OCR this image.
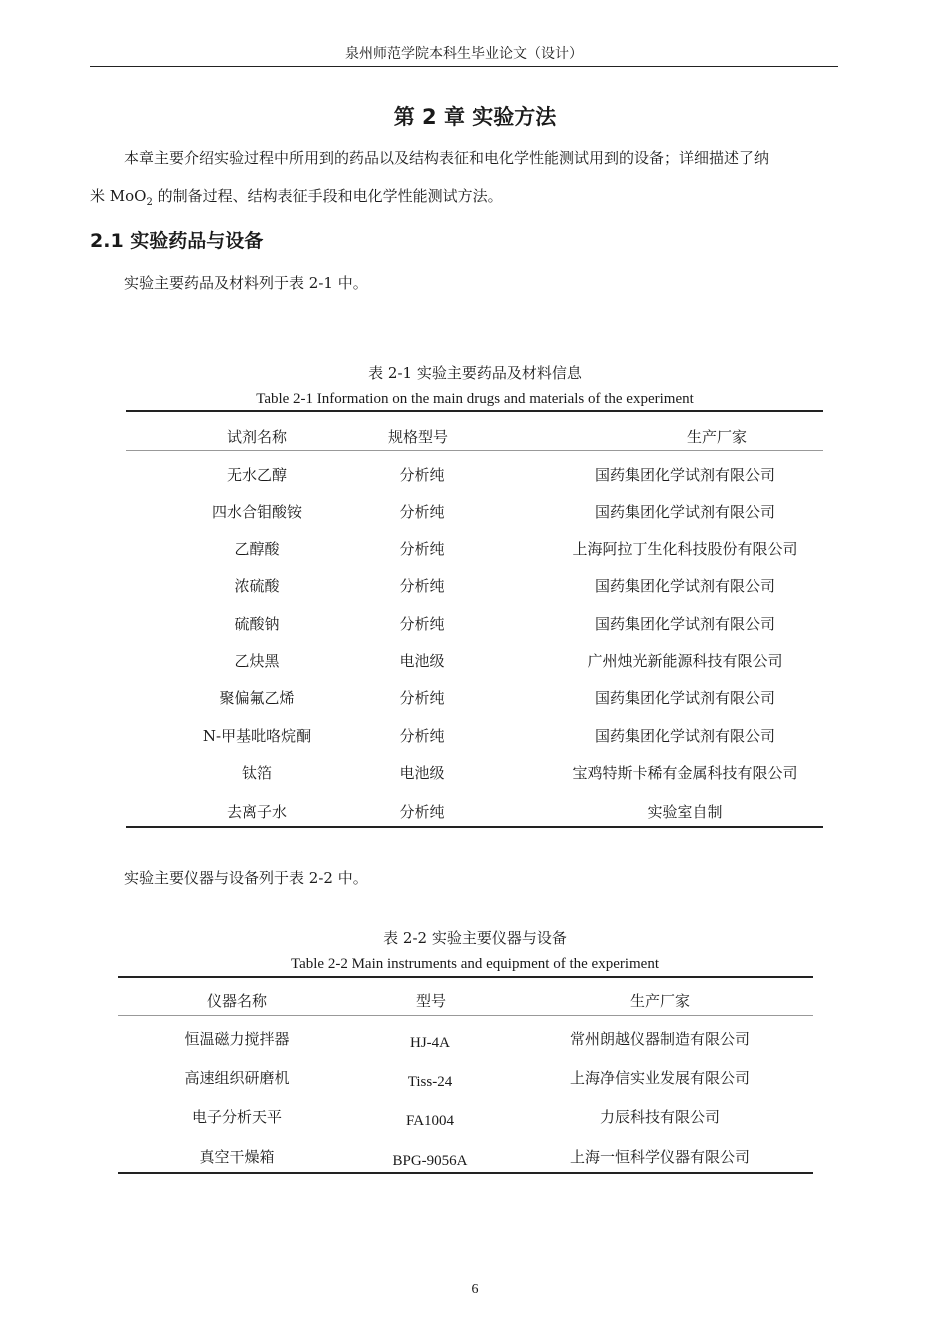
泉州师范学院本科生毕业论文（设计）
第 2 章 实验方法
本章主要介绍实验过程中所用到的药品以及结构表征和电化学性能测试用到的设备；详细描述了纳
米 MoO$_2$ 的制备过程、结构表征手段和电化学性能测试方法。
2.1 实验药品与设备
实验主要药品及材料列于表 2-1 中。
表 2-1 实验主要药品及材料信息
Table 2-1 Information on the main drugs and materials of the experiment
试剂名称	规格型号	生产厂家
无水乙醇	分析纯	国药集团化学试剂有限公司
四水合钼酸铵	分析纯	国药集团化学试剂有限公司
乙醇酸	分析纯	上海阿拉丁生化科技股份有限公司
浓硫酸	分析纯	国药集团化学试剂有限公司
硫酸钠	分析纯	国药集团化学试剂有限公司
乙炔黑	电池级	广州烛光新能源科技有限公司
聚偏氟乙烯	分析纯	国药集团化学试剂有限公司
N-甲基吡咯烷酮	分析纯	国药集团化学试剂有限公司
钛箔	电池级	宝鸡特斯卡稀有金属科技有限公司
去离子水	分析纯	实验室自制
实验主要仪器与设备列于表 2-2 中。
表 2-2 实验主要仪器与设备
Table 2-2 Main instruments and equipment of the experiment
仪器名称	型号	生产厂家
恒温磁力搅拌器	HJ-4A	常州朗越仪器制造有限公司
高速组织研磨机	Tiss-24	上海净信实业发展有限公司
电子分析天平	FA1004	力辰科技有限公司
真空干燥箱	BPG-9056A	上海一恒科学仪器有限公司
6
